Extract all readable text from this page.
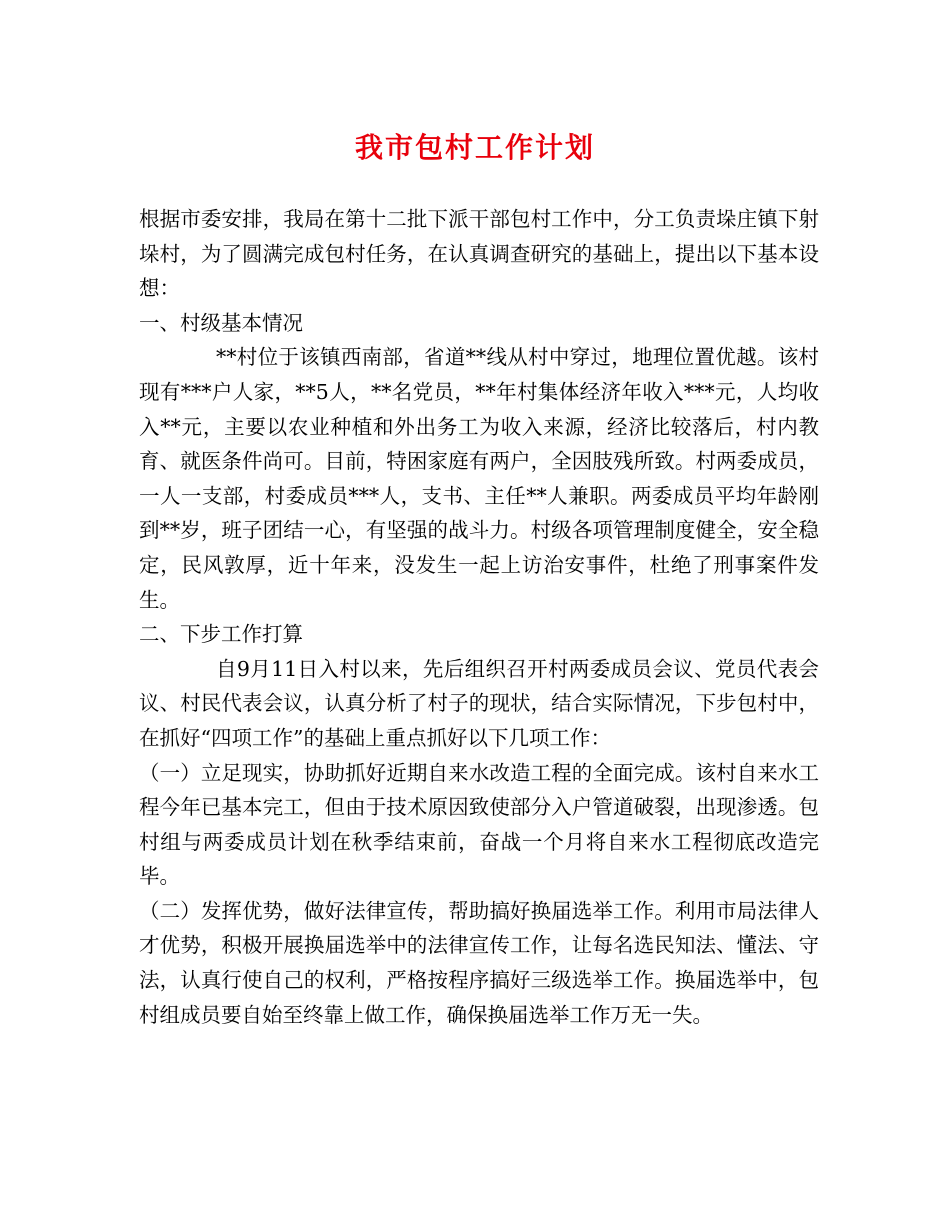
我市包村工作计划

根据市委安排，我局在第十二批下派干部包村工作中，分工负责垛庄镇下射垛村，为了圆满完成包村任务，在认真调查研究的基础上，提出以下基本设想：

一、村级基本情况

**村位于该镇西南部，省道**线从村中穿过，地理位置优越。该村现有***户人家，**5人，**名党员，**年村集体经济年收入***元，人均收入**元，主要以农业种植和外出务工为收入来源，经济比较落后，村内教育、就医条件尚可。目前，特困家庭有两户，全因肢残所致。村两委成员，一人一支部，村委成员***人，支书、主任**人兼职。两委成员平均年龄刚到**岁，班子团结一心，有坚强的战斗力。村级各项管理制度健全，安全稳定，民风敦厚，近十年来，没发生一起上访治安事件，杜绝了刑事案件发生。

二、下步工作打算

自9月11日入村以来，先后组织召开村两委成员会议、党员代表会议、村民代表会议，认真分析了村子的现状，结合实际情况，下步包村中，在抓好“四项工作”的基础上重点抓好以下几项工作：

（一）立足现实，协助抓好近期自来水改造工程的全面完成。该村自来水工程今年已基本完工，但由于技术原因致使部分入户管道破裂，出现渗透。包村组与两委成员计划在秋季结束前，奋战一个月将自来水工程彻底改造完毕。

（二）发挥优势，做好法律宣传，帮助搞好换届选举工作。利用市局法律人才优势，积极开展换届选举中的法律宣传工作，让每名选民知法、懂法、守法，认真行使自己的权利，严格按程序搞好三级选举工作。换届选举中，包村组成员要自始至终靠上做工作，确保换届选举工作万无一失。
